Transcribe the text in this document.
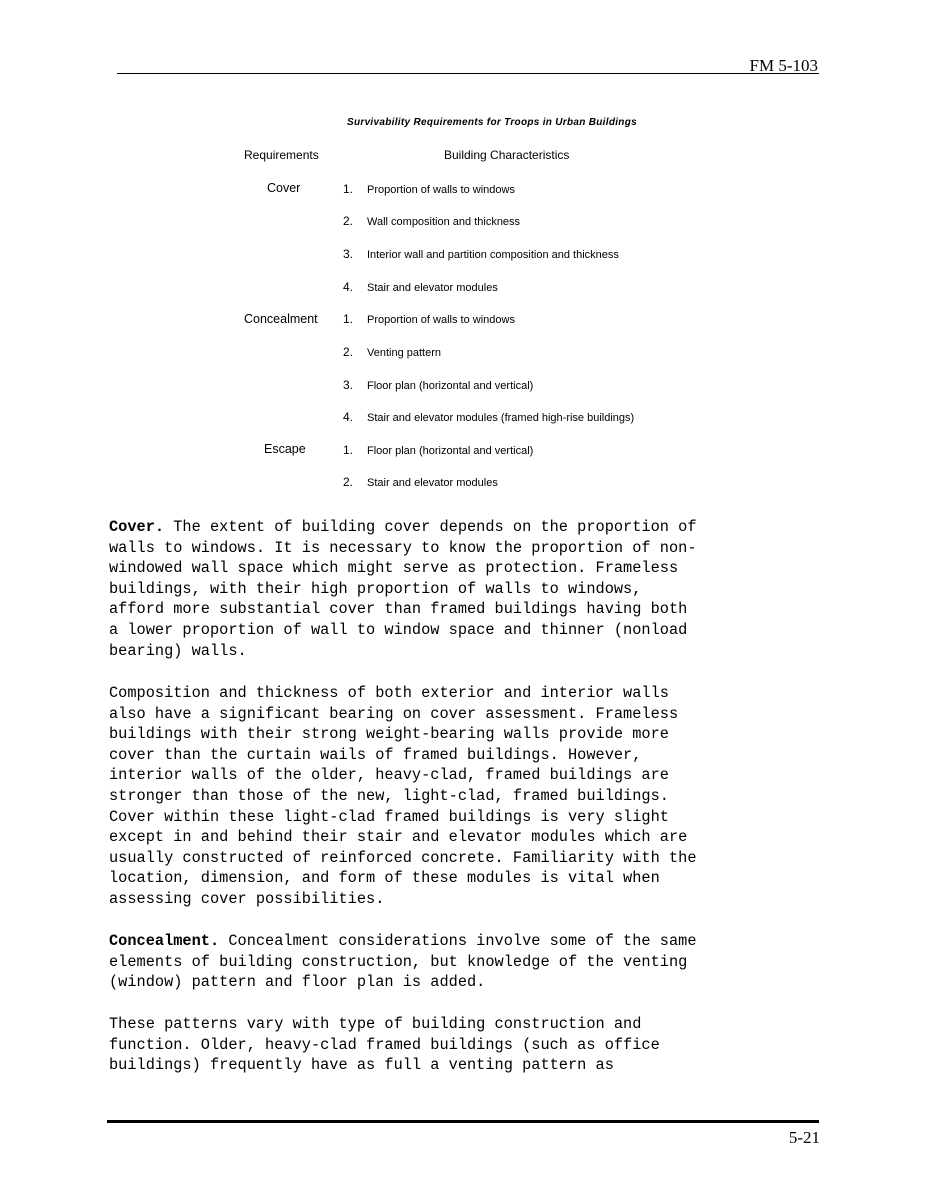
FM 5-103
Survivability Requirements for Troops in Urban Buildings
Requirements	Building Characteristics
Cover	1. Proportion of walls to windows
2. Wall composition and thickness
3. Interior wall and partition composition and thickness
4. Stair and elevator modules
Concealment 1. Proportion of walls to windows
2. Venting pattern
3. Floor plan (horizontal and vertical)
4. Stair and elevator modules (framed high-rise buildings)
Escape	1. Floor plan (horizontal and vertical)
2. Stair and elevator modules

Cover. The extent of building cover depends on the proportion of
walls to windows. It is necessary to know the proportion of non-
windowed wall space which might serve as protection. Frameless
buildings, with their high proportion of walls to windows,
afford more substantial cover than framed buildings having both
a lower proportion of wall to window space and thinner (nonload
bearing) walls.

Composition and thickness of both exterior and interior walls
also have a significant bearing on cover assessment. Frameless
buildings with their strong weight-bearing walls provide more
cover than the curtain wails of framed buildings. However,
interior walls of the older, heavy-clad, framed buildings are
stronger than those of the new, light-clad, framed buildings.
Cover within these light-clad framed buildings is very slight
except in and behind their stair and elevator modules which are
usually constructed of reinforced concrete. Familiarity with the
location, dimension, and form of these modules is vital when
assessing cover possibilities.

Concealment. Concealment considerations involve some of the same
elements of building construction, but knowledge of the venting
(window) pattern and floor plan is added.

These patterns vary with type of building construction and
function. Older, heavy-clad framed buildings (such as office
buildings) frequently have as full a venting pattern as

5-21
